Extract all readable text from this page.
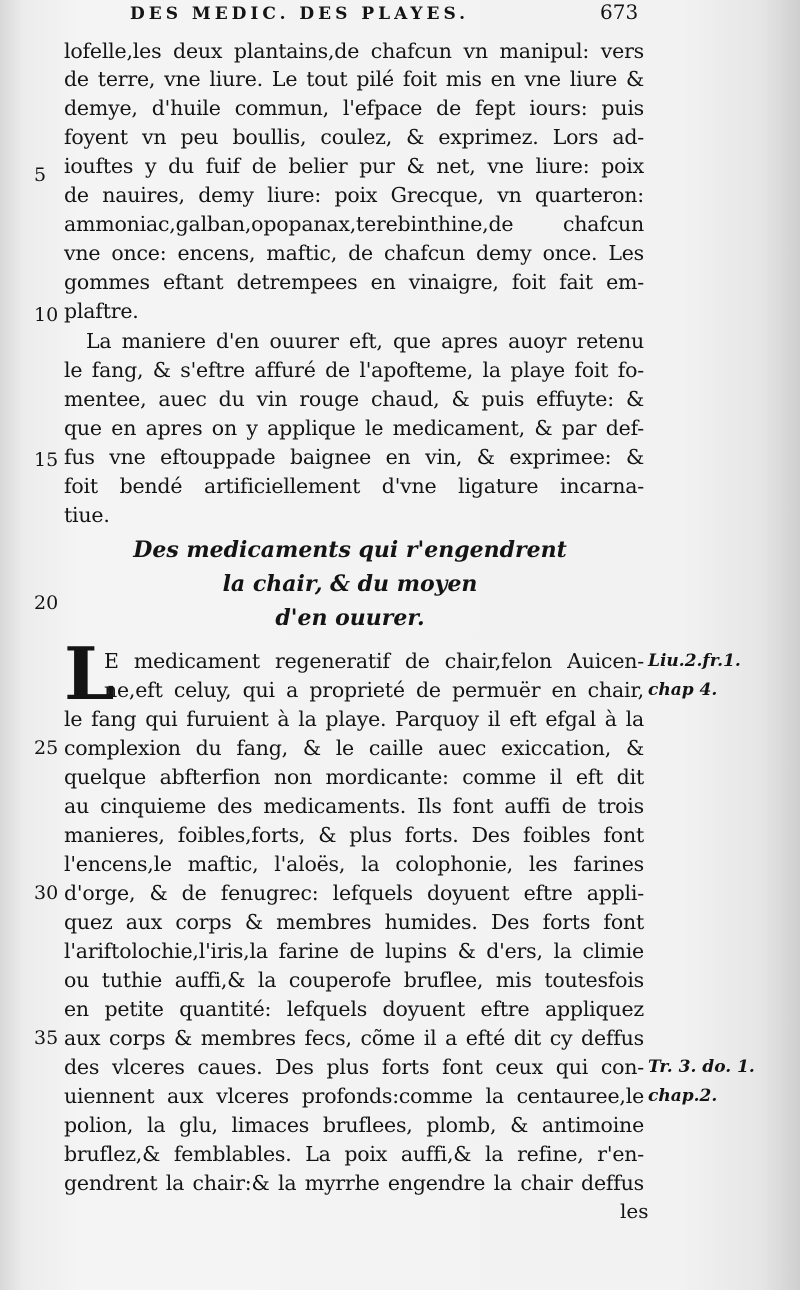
DES MEDIC. DES PLAYES.	673
lofelle,les deux plantains,de chafcun vn manipul: vers
de terre, vne liure. Le tout pilé foit mis en vne liure &
demye, d'huile commun, l'efpace de fept iours: puis
foyent vn peu boullis, coulez, & exprimez. Lors ad-
iouftes y du fuif de belier pur & net, vne liure: poix
de nauires, demy liure: poix Grecque, vn quarteron:
ammoniac,galban,opopanax,terebinthine,de chafcun
vne once: encens, maftic, de chafcun demy once. Les
gommes eftant detrempees en vinaigre, foit fait em-
plaftre.
La maniere d'en ouurer eft, que apres auoyr retenu
le fang, & s'eftre affuré de l'apofteme, la playe foit fo-
mentee, auec du vin rouge chaud, & puis effuyte: &
que en apres on y applique le medicament, & par def-
fus vne eftouppade baignee en vin, & exprimee: &
foit bendé artificiellement d'vne ligature incarna-
tiue.
Des medicaments qui r'engendrent
la chair, & du moyen
d'en ouurer.
L
E medicament regeneratif de chair,felon Auicen-
ne,eft celuy, qui a proprieté de permuër en chair,
le fang qui furuient à la playe. Parquoy il eft efgal à la
complexion du fang, & le caille auec exiccation, &
quelque abfterfion non mordicante: comme il eft dit
au cinquieme des medicaments. Ils font auffi de trois
manieres, foibles,forts, & plus forts. Des foibles font
l'encens,le maftic, l'aloës, la colophonie, les farines
d'orge, & de fenugrec: lefquels doyuent eftre appli-
quez aux corps & membres humides. Des forts font
l'ariftolochie,l'iris,la farine de lupins & d'ers, la climie
ou tuthie auffi,& la couperofe bruflee, mis toutesfois
en petite quantité: lefquels doyuent eftre appliquez
aux corps & membres fecs, cõme il a efté dit cy deffus
des vlceres caues. Des plus forts font ceux qui con-
uiennent aux vlceres profonds:comme la centauree,le
polion, la glu, limaces bruflees, plomb, & antimoine
bruflez,& femblables. La poix auffi,& la refine, r'en-
gendrent la chair:& la myrrhe engendre la chair deffus
les
5
10
15
20
25
30
35
Liu.2.fr.1.
chap 4.
Tr. 3. do. 1.
chap.2.
